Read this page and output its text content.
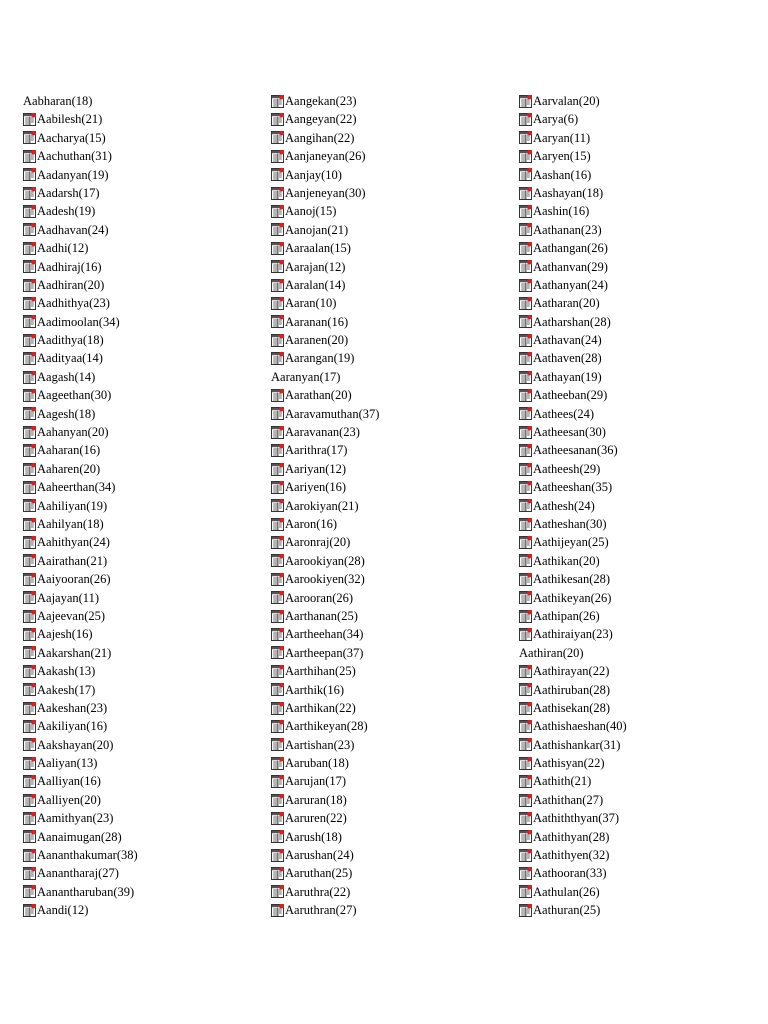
Aabharan(18)
Aabilesh(21)
Aacharya(15)
Aachuthan(31)
Aadanyan(19)
Aadarsh(17)
Aadesh(19)
Aadhavan(24)
Aadhi(12)
Aadhiraj(16)
Aadhiran(20)
Aadhithya(23)
Aadimoolan(34)
Aadithya(18)
Aadityaa(14)
Aagash(14)
Aageethan(30)
Aagesh(18)
Aahanyan(20)
Aaharan(16)
Aaharen(20)
Aaheerthan(34)
Aahiliyan(19)
Aahilyan(18)
Aahithyan(24)
Aairathan(21)
Aaiyooran(26)
Aajayan(11)
Aajeevan(25)
Aajesh(16)
Aakarshan(21)
Aakash(13)
Aakesh(17)
Aakeshan(23)
Aakiliyan(16)
Aakshayan(20)
Aaliyan(13)
Aalliyan(16)
Aalliyen(20)
Aamithyan(23)
Aanaimugan(28)
Aananthakumar(38)
Aanantharaj(27)
Aanantharuban(39)
Aandi(12)
Aangekan(23)
Aangeyan(22)
Aangihan(22)
Aanjaneyan(26)
Aanjay(10)
Aanjeneyan(30)
Aanoj(15)
Aanojan(21)
Aaraalan(15)
Aarajan(12)
Aaralan(14)
Aaran(10)
Aaranan(16)
Aaranen(20)
Aarangan(19)
Aaranyan(17)
Aarathan(20)
Aaravamuthan(37)
Aaravanan(23)
Aarithra(17)
Aariyan(12)
Aariyen(16)
Aarokiyan(21)
Aaron(16)
Aaronraj(20)
Aarookiyan(28)
Aarookiyen(32)
Aarooran(26)
Aarthanan(25)
Aartheehan(34)
Aartheepan(37)
Aarthihan(25)
Aarthik(16)
Aarthikan(22)
Aarthikeyan(28)
Aartishan(23)
Aaruban(18)
Aarujan(17)
Aaruran(18)
Aaruren(22)
Aarush(18)
Aarushan(24)
Aaruthan(25)
Aaruthra(22)
Aaruthran(27)
Aarvalan(20)
Aarya(6)
Aaryan(11)
Aaryen(15)
Aashan(16)
Aashayan(18)
Aashin(16)
Aathanan(23)
Aathangan(26)
Aathanvan(29)
Aathanyan(24)
Aatharan(20)
Aatharshan(28)
Aathavan(24)
Aathaven(28)
Aathayan(19)
Aatheeban(29)
Aathees(24)
Aatheesan(30)
Aatheesanan(36)
Aatheesh(29)
Aatheeshan(35)
Aathesh(24)
Aatheshan(30)
Aathijeyan(25)
Aathikan(20)
Aathikesan(28)
Aathikeyan(26)
Aathipan(26)
Aathiraiyan(23)
Aathiran(20)
Aathirayan(22)
Aathiruban(28)
Aathisekan(28)
Aathishaeshan(40)
Aathishankar(31)
Aathisyan(22)
Aathith(21)
Aathithan(27)
Aathiththyan(37)
Aathithyan(28)
Aathithyen(32)
Aathooran(33)
Aathulan(26)
Aathuran(25)
